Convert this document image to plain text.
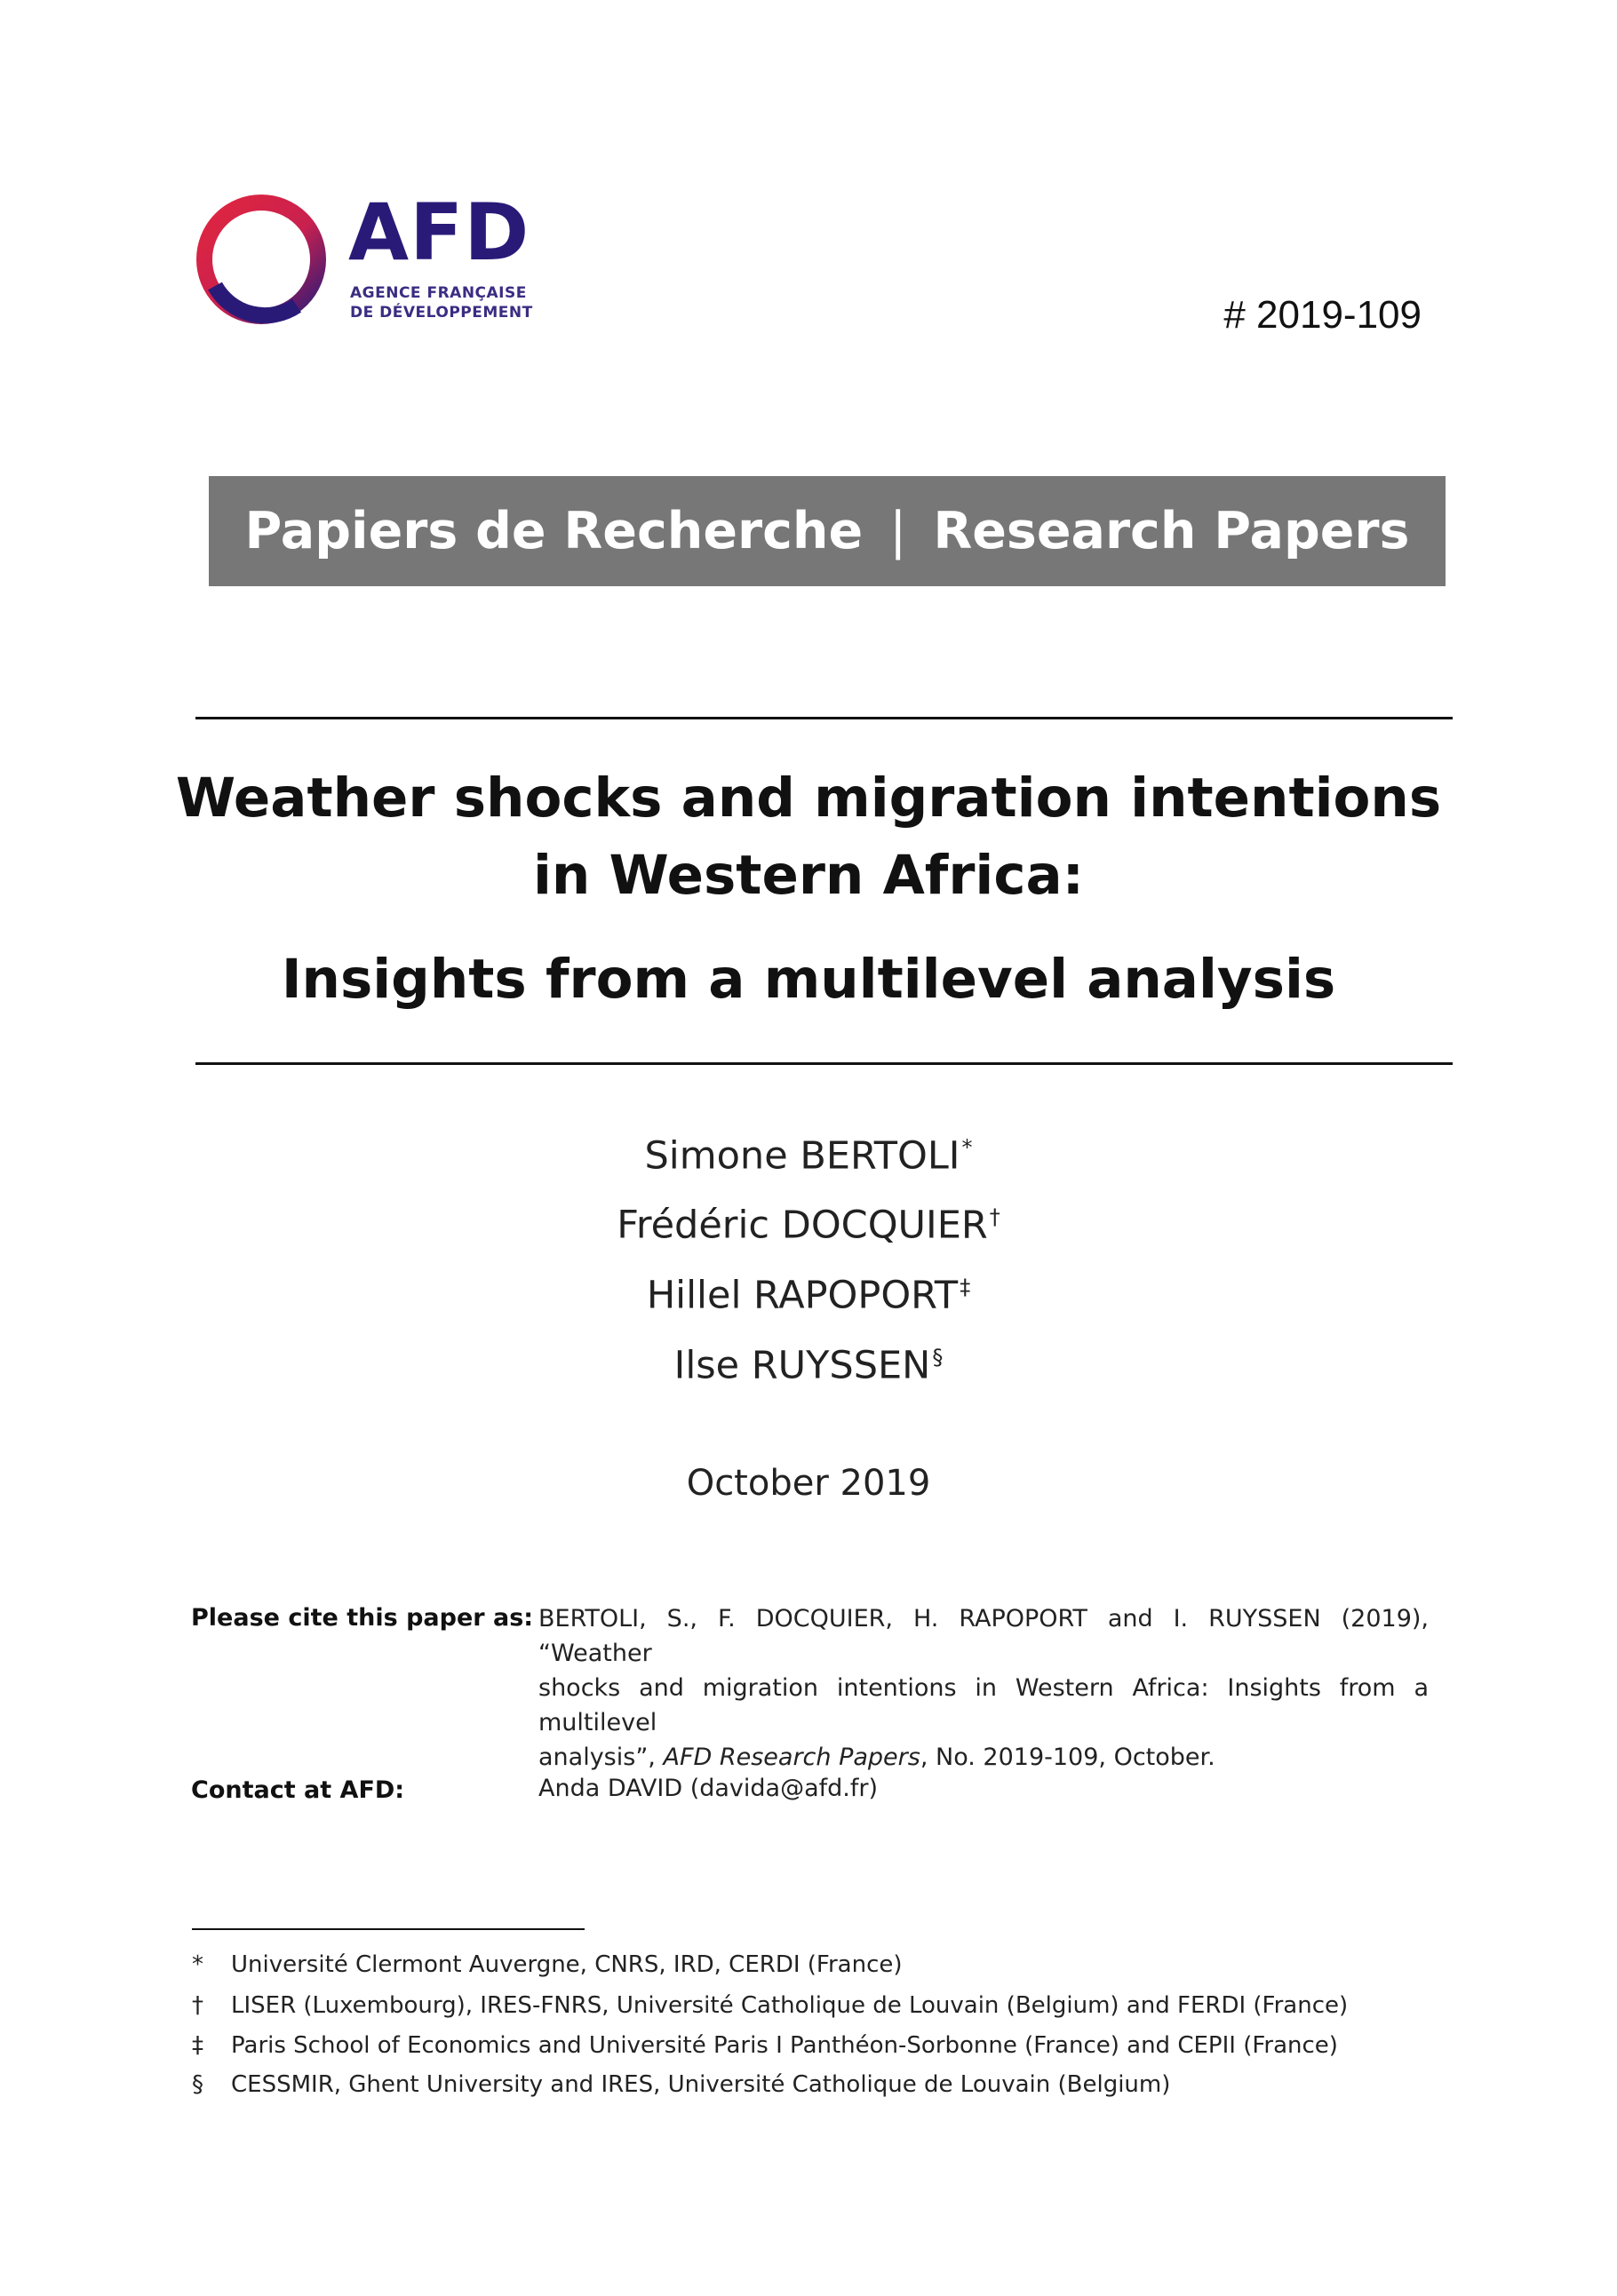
AFD
AGENCE FRANÇAISE
DE DÉVELOPPEMENT	# 2019-109
Papiers de Recherche | Research Papers
Weather shocks and migration intentions
in Western Africa:
Insights from a multilevel analysis
Simone BERTOLI*
Frédéric DOCQUIER†
Hillel RAPOPORT‡
Ilse RUYSSEN§
October 2019
Please cite this paper as: BERTOLI, S., F. DOCQUIER, H. RAPOPORT and I. RUYSSEN (2019), “Weather
shocks and migration intentions in Western Africa: Insights from a multilevel
analysis”, AFD Research Papers, No. 2019-109, October.
Contact at AFD:	Anda DAVID (davida@afd.fr)
* Université Clermont Auvergne, CNRS, IRD, CERDI (France)
† LISER (Luxembourg), IRES-FNRS, Université Catholique de Louvain (Belgium) and FERDI (France)
‡ Paris School of Economics and Université Paris I Panthéon-Sorbonne (France) and CEPII (France)
§ CESSMIR, Ghent University and IRES, Université Catholique de Louvain (Belgium)
